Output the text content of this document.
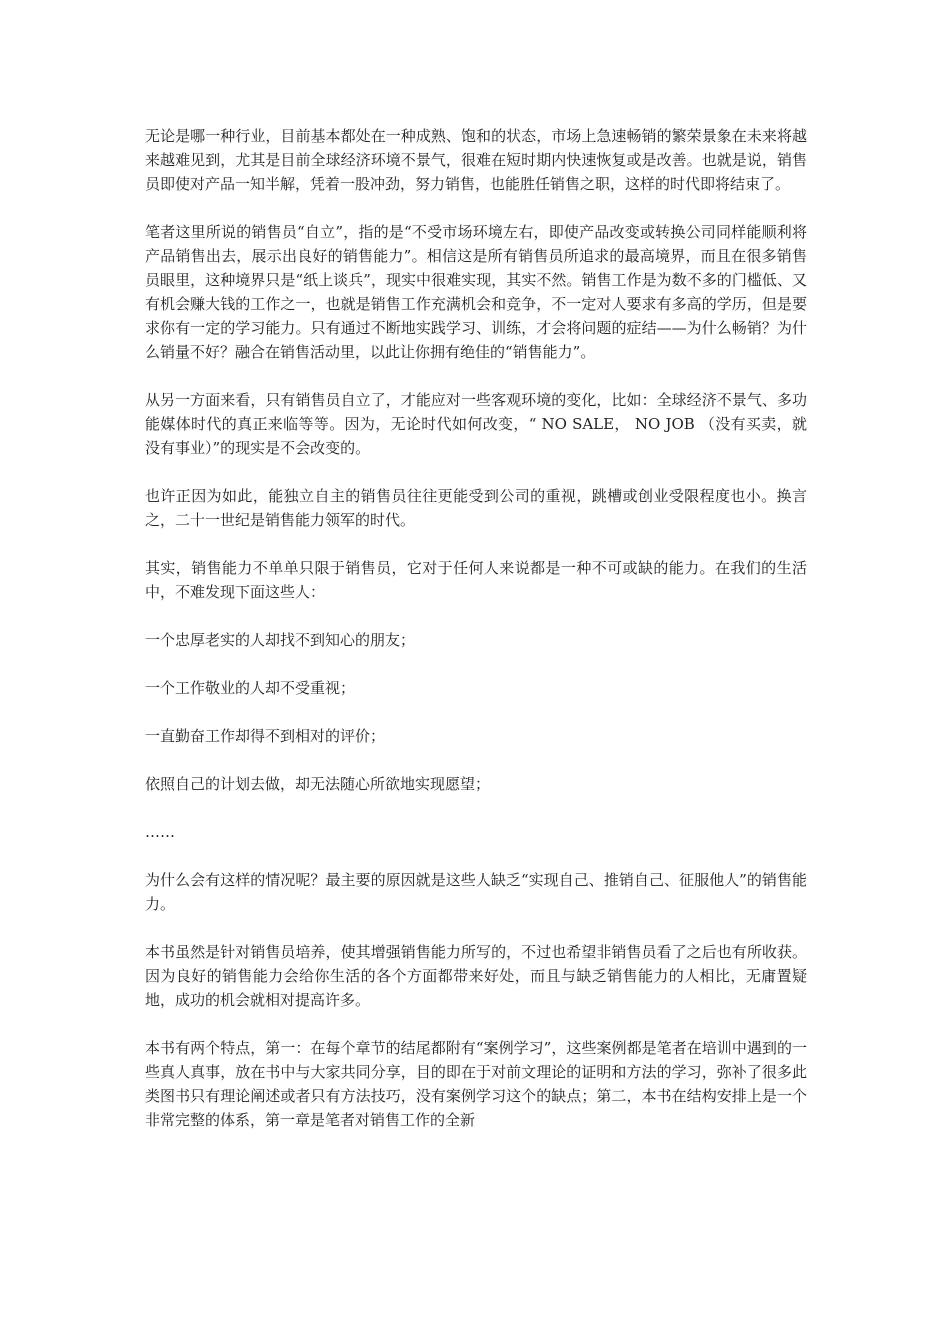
无论是哪一种行业，目前基本都处在一种成熟、饱和的状态，市场上急速畅销的繁荣景象在未来将越来越难见到，尤其是目前全球经济环境不景气，很难在短时期内快速恢复或是改善。也就是说，销售员即使对产品一知半解，凭着一股冲劲，努力销售，也能胜任销售之职，这样的时代即将结束了。

笔者这里所说的销售员“自立”，指的是“不受市场环境左右，即使产品改变或转换公司同样能顺利将产品销售出去，展示出良好的销售能力”。相信这是所有销售员所追求的最高境界，而且在很多销售员眼里，这种境界只是“纸上谈兵”，现实中很难实现，其实不然。销售工作是为数不多的门槛低、又有机会赚大钱的工作之一，也就是销售工作充满机会和竞争，不一定对人要求有多高的学历，但是要求你有一定的学习能力。只有通过不断地实践学习、训练，才会将问题的症结——为什么畅销？为什么销量不好？融合在销售活动里，以此让你拥有绝佳的“销售能力”。

从另一方面来看，只有销售员自立了，才能应对一些客观环境的变化，比如：全球经济不景气、多功能媒体时代的真正来临等等。因为，无论时代如何改变，“ NO SALE， NO JOB （没有买卖，就没有事业）”的现实是不会改变的。

也许正因为如此，能独立自主的销售员往往更能受到公司的重视，跳槽或创业受限程度也小。换言之，二十一世纪是销售能力领军的时代。

其实，销售能力不单单只限于销售员，它对于任何人来说都是一种不可或缺的能力。在我们的生活中，不难发现下面这些人：

一个忠厚老实的人却找不到知心的朋友；

一个工作敬业的人却不受重视；

一直勤奋工作却得不到相对的评价；

依照自己的计划去做，却无法随心所欲地实现愿望；

……

为什么会有这样的情况呢？最主要的原因就是这些人缺乏“实现自己、推销自己、征服他人”的销售能力。

本书虽然是针对销售员培养，使其增强销售能力所写的，不过也希望非销售员看了之后也有所收获。因为良好的销售能力会给你生活的各个方面都带来好处，而且与缺乏销售能力的人相比，无庸置疑地，成功的机会就相对提高许多。

本书有两个特点，第一：在每个章节的结尾都附有“案例学习”，这些案例都是笔者在培训中遇到的一些真人真事，放在书中与大家共同分享，目的即在于对前文理论的证明和方法的学习，弥补了很多此类图书只有理论阐述或者只有方法技巧，没有案例学习这个的缺点；第二，本书在结构安排上是一个非常完整的体系，第一章是笔者对销售工作的全新
